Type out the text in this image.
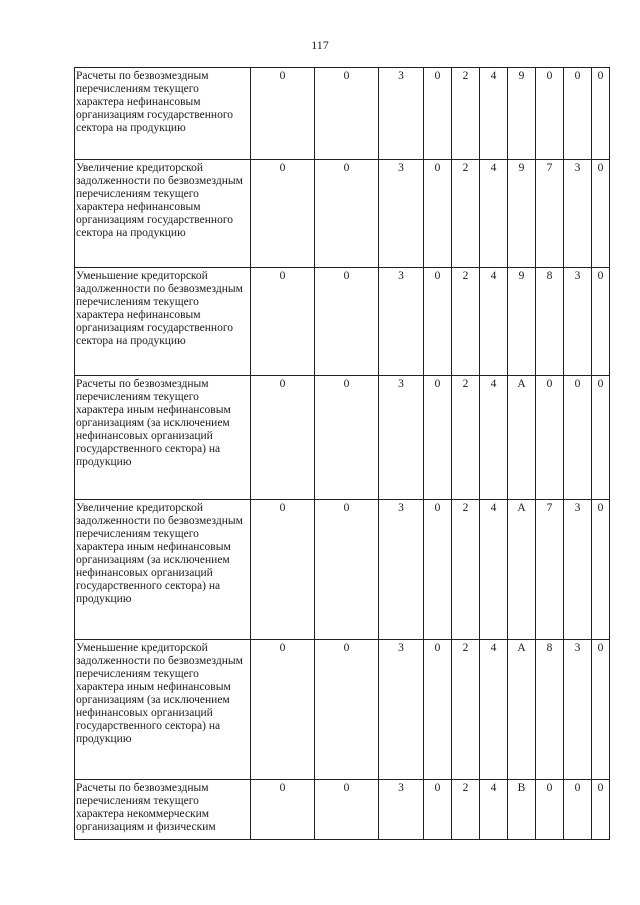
117
Расчеты по безвозмездным перечислениям текущего характера нефинансовым организациям государственного сектора на продукцию	0	0	3	0	2	4	9	0	0	0
Увеличение кредиторской задолженности по безвозмездным перечислениям текущего характера нефинансовым организациям государственного сектора на продукцию	0	0	3	0	2	4	9	7	3	0
Уменьшение кредиторской задолженности по безвозмездным перечислениям текущего характера нефинансовым организациям государственного сектора на продукцию	0	0	3	0	2	4	9	8	3	0
Расчеты по безвозмездным перечислениям текущего характера иным нефинансовым организациям (за исключением нефинансовых организаций государственного сектора) на продукцию	0	0	3	0	2	4	А	0	0	0
Увеличение кредиторской задолженности по безвозмездным перечислениям текущего характера иным нефинансовым организациям (за исключением нефинансовых организаций государственного сектора) на продукцию	0	0	3	0	2	4	А	7	3	0
Уменьшение кредиторской задолженности по безвозмездным перечислениям текущего характера иным нефинансовым организациям (за исключением нефинансовых организаций государственного сектора) на продукцию	0	0	3	0	2	4	А	8	3	0
Расчеты по безвозмездным перечислениям текущего характера некоммерческим организациям и физическим	0	0	3	0	2	4	В	0	0	0
